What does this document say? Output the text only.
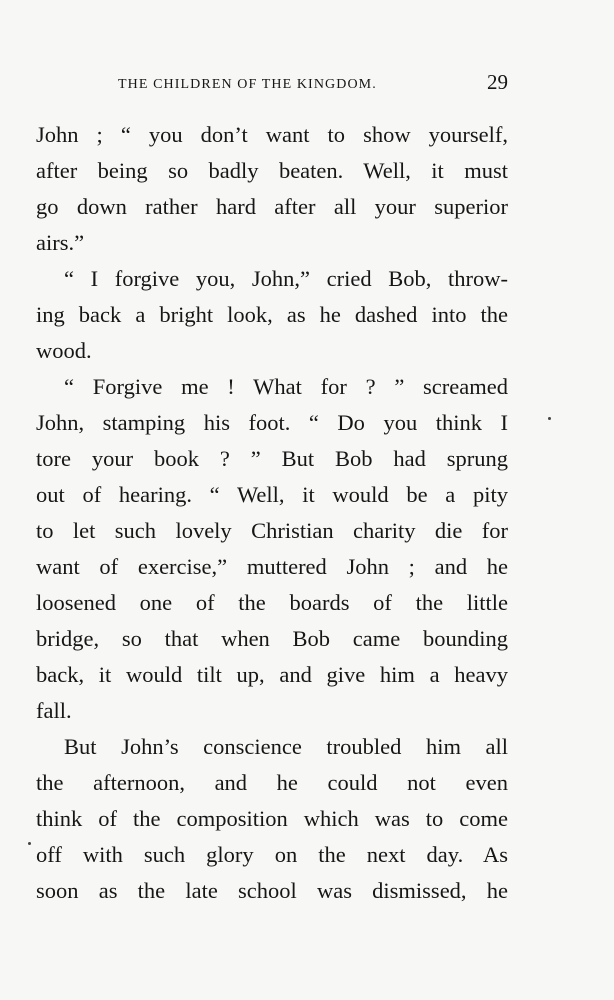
THE CHILDREN OF THE KINGDOM.	29
John ; “ you don’t want to show yourself,
after being so badly beaten. Well, it must
go down rather hard after all your superior
airs.”
“ I forgive you, John,” cried Bob, throw-
ing back a bright look, as he dashed into the
wood.
“ Forgive me ! What for ? ” screamed
John, stamping his foot. “ Do you think I
tore your book ? ” But Bob had sprung
out of hearing. “ Well, it would be a pity
to let such lovely Christian charity die for
want of exercise,” muttered John ; and he
loosened one of the boards of the little
bridge, so that when Bob came bounding
back, it would tilt up, and give him a heavy
fall.
But John’s conscience troubled him all
the afternoon, and he could not even
think of the composition which was to come
off with such glory on the next day. As
soon as the late school was dismissed, he
